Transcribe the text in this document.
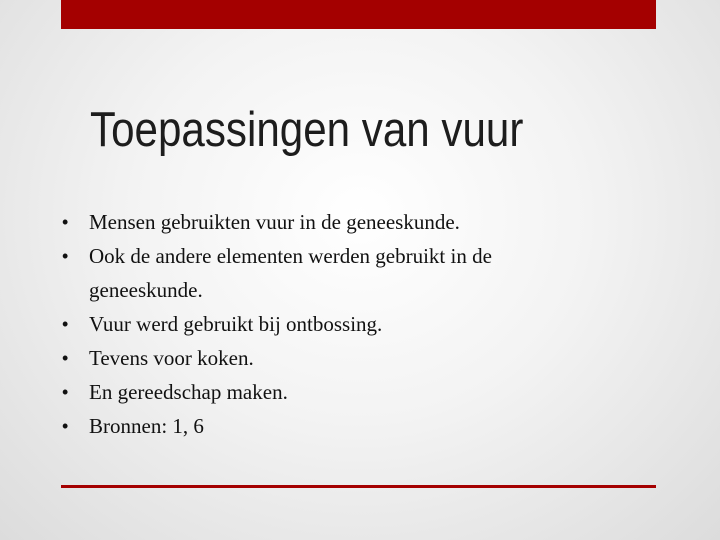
Toepassingen van vuur
• Mensen gebruikten vuur in de geneeskunde.
• Ook de andere elementen werden gebruikt in de geneeskunde.
• Vuur werd gebruikt bij ontbossing.
• Tevens voor koken.
• En gereedschap maken.
• Bronnen: 1, 6
